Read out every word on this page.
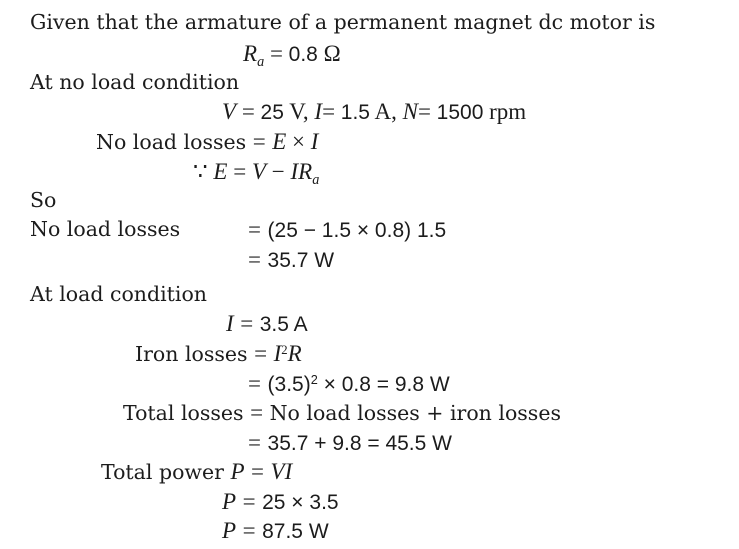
Given that the armature of a permanent magnet dc motor is
$R_a = 0.8$ Ω
At no load condition
V = 25 V, I= 1.5 A, N= 1500 rpm
No load losses = E × I
∵ $E = V - IR_a$
So
No load losses	= (25 − 1.5 × 0.8) 1.5
= 35.7 W
At load condition
I = 3.5 A
Iron losses = $I^2R$
= $(3.5)^2 \times 0.8 = 9.8$ W
Total losses = No load losses + iron losses
= 35.7 + 9.8 = 45.5 W
Total power P = VI
P = 25 × 3.5
P = 87.5 W
